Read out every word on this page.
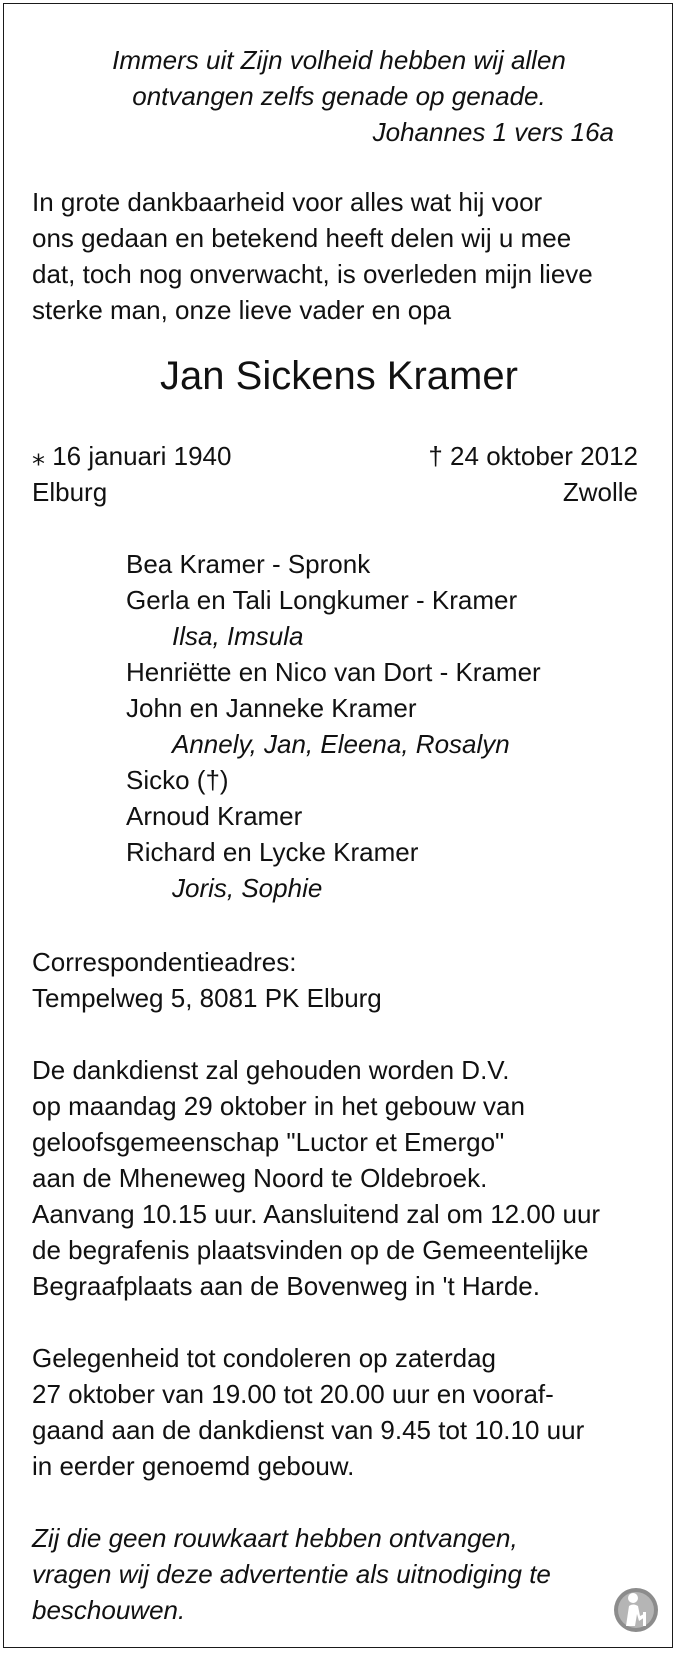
Immers uit Zijn volheid hebben wij allen
ontvangen zelfs genade op genade.
Johannes 1 vers 16a
In grote dankbaarheid voor alles wat hij voor
ons gedaan en betekend heeft delen wij u mee
dat, toch nog onverwacht, is overleden mijn lieve
sterke man, onze lieve vader en opa
Jan Sickens Kramer
⁎ 16 januari 1940
Elburg
† 24 oktober 2012
Zwolle
Bea Kramer - Spronk
Gerla en Tali Longkumer - Kramer
Ilsa, Imsula
Henriëtte en Nico van Dort - Kramer
John en Janneke Kramer
Annely, Jan, Eleena, Rosalyn
Sicko (†)
Arnoud Kramer
Richard en Lycke Kramer
Joris, Sophie
Correspondentieadres:
Tempelweg 5, 8081 PK Elburg
De dankdienst zal gehouden worden D.V.
op maandag 29 oktober in het gebouw van
geloofsgemeenschap "Luctor et Emergo"
aan de Mheneweg Noord te Oldebroek.
Aanvang 10.15 uur. Aansluitend zal om 12.00 uur
de begrafenis plaatsvinden op de Gemeentelijke
Begraafplaats aan de Bovenweg in 't Harde.
Gelegenheid tot condoleren op zaterdag
27 oktober van 19.00 tot 20.00 uur en vooraf-
gaand aan de dankdienst van 9.45 tot 10.10 uur
in eerder genoemd gebouw.
Zij die geen rouwkaart hebben ontvangen,
vragen wij deze advertentie als uitnodiging te
beschouwen.
